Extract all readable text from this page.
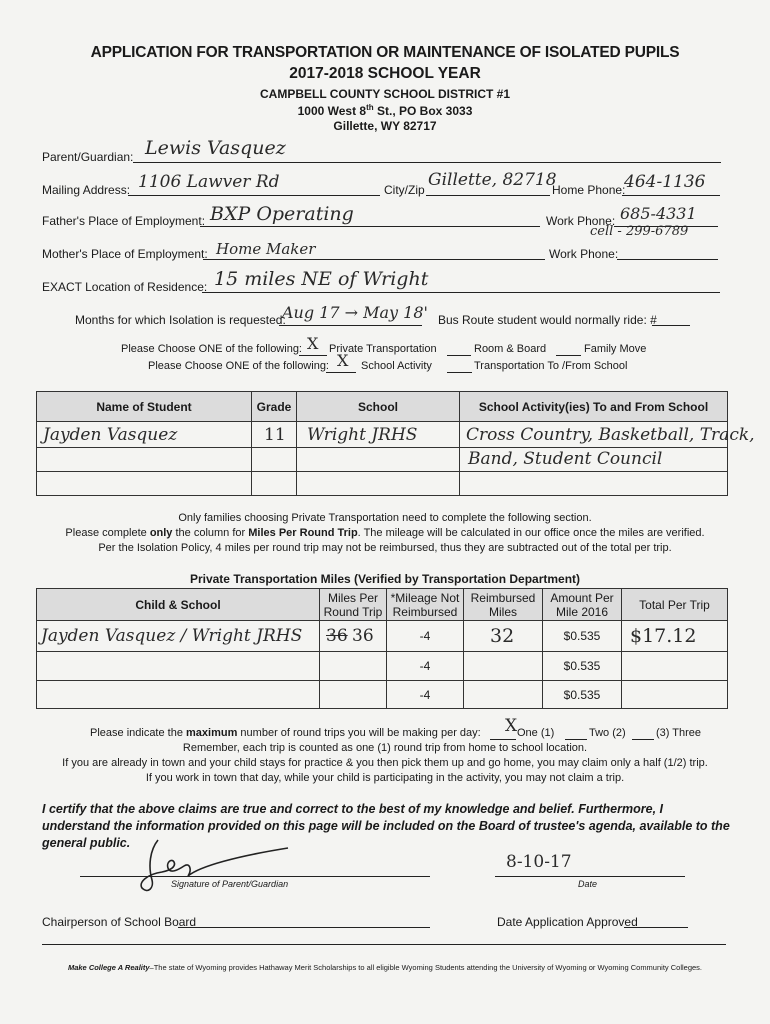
APPLICATION FOR TRANSPORTATION OR MAINTENANCE OF ISOLATED PUPILS
2017-2018 SCHOOL YEAR
CAMPBELL COUNTY SCHOOL DISTRICT #1
1000 West 8th St., PO Box 3033
Gillette, WY 82717
Parent/Guardian: Lewis Vasquez
Mailing Address: 1106 Lawver Rd	City/Zip Gillette, 82718
Home Phone:
464-1136
Father's Place of Employment: BXP Operating	Work Phone: 685-4331
cell - 299-6789
Mother's Place of Employment: Home Maker	Work Phone:
EXACT Location of Residence: 15 miles NE of Wright
Months for which Isolation is requested:
Aug 17 → May 18' Bus Route student would normally ride: #
Please Choose ONE of the following: X Private Transportation	Room & Board	Family Move
Please Choose ONE of the following: X School Activity	Transportation To /From School
Name of Student	Grade	School	School Activity(ies) To and From School

Jayden Vasquez	11	Wright JRHS	Cross Country, Basketball, Track,

			Band, Student Council

Only families choosing Private Transportation need to complete the following section.
Please complete only the column for Miles Per Round Trip. The mileage will be calculated in our office once the miles are verified.
Per the Isolation Policy, 4 miles per round trip may not be reimbursed, thus they are subtracted out of the total per trip.
Private Transportation Miles (Verified by Transportation Department)
Child & School	Miles Per Round Trip	*Mileage Not Reimbursed	Reimbursed Miles	Amount Per Mile 2016	Total Per Trip

Jayden Vasquez / Wright JRHS	36 36	-4	32	$0.535	$17.12

		-4		$0.535	
		-4		$0.535	
Please indicate the maximum number of round trips you will be making per day: X One (1)	Two (2)	(3) Three
Remember, each trip is counted as one (1) round trip from home to school location.
If you are already in town and your child stays for practice & you then pick them up and go home, you may claim only a half (1/2) trip.
If you work in town that day, while your child is participating in the activity, you may not claim a trip.
I certify that the above claims are true and correct to the best of my knowledge and belief. Furthermore, I understand the information provided on this page will be included on the Board of trustee's agenda, available to the general public.
Signature of Parent/Guardian
8-10-17
Date
Chairperson of School Board	Date Application Approved
Make College A Reality–The state of Wyoming provides Hathaway Merit Scholarships to all eligible Wyoming Students attending the University of Wyoming or Wyoming Community Colleges.
